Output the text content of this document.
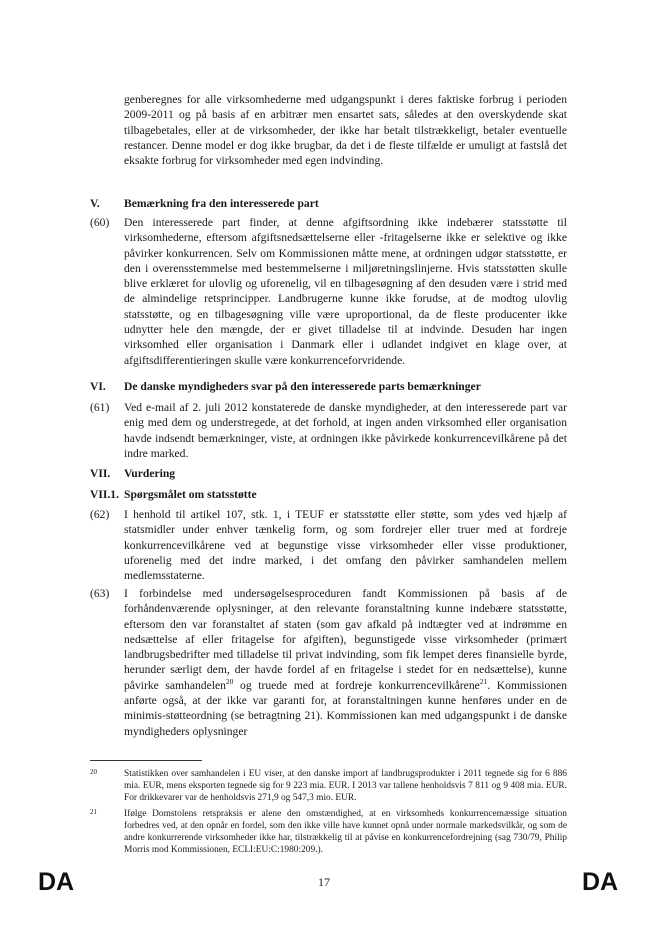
genberegnes for alle virksomhederne med udgangspunkt i deres faktiske forbrug i perioden 2009-2011 og på basis af en arbitrær men ensartet sats, således at den overskydende skat tilbagebetales, eller at de virksomheder, der ikke har betalt tilstrækkeligt, betaler eventuelle restancer. Denne model er dog ikke brugbar, da det i de fleste tilfælde er umuligt at fastslå det eksakte forbrug for virksomheder med egen indvinding.
V. Bemærkning fra den interesserede part
(60) Den interesserede part finder, at denne afgiftsordning ikke indebærer statsstøtte til virksomhederne, eftersom afgiftsnedsættelserne eller -fritagelserne ikke er selektive og ikke påvirker konkurrencen. Selv om Kommissionen måtte mene, at ordningen udgør statsstøtte, er den i overensstemmelse med bestemmelserne i miljøretningslinjerne. Hvis statsstøtten skulle blive erklæret for ulovlig og uforenelig, vil en tilbagesøgning af den desuden være i strid med de almindelige retsprincipper. Landbrugerne kunne ikke forudse, at de modtog ulovlig statsstøtte, og en tilbagesøgning ville være uproportional, da de fleste producenter ikke udnytter hele den mængde, der er givet tilladelse til at indvinde. Desuden har ingen virksomhed eller organisation i Danmark eller i udlandet indgivet en klage over, at afgiftsdifferentieringen skulle være konkurrenceforvridende.
VI. De danske myndigheders svar på den interesserede parts bemærkninger
(61) Ved e-mail af 2. juli 2012 konstaterede de danske myndigheder, at den interesserede part var enig med dem og understregede, at det forhold, at ingen anden virksomhed eller organisation havde indsendt bemærkninger, viste, at ordningen ikke påvirkede konkurrencevilkårene på det indre marked.
VII. Vurdering
VII.1. Spørgsmålet om statsstøtte
(62) I henhold til artikel 107, stk. 1, i TEUF er statsstøtte eller støtte, som ydes ved hjælp af statsmidler under enhver tænkelig form, og som fordrejer eller truer med at fordreje konkurrencevilkårene ved at begunstige visse virksomheder eller visse produktioner, uforenelig med det indre marked, i det omfang den påvirker samhandelen mellem medlemsstaterne.
(63) I forbindelse med undersøgelsesproceduren fandt Kommissionen på basis af de forhåndenværende oplysninger, at den relevante foranstaltning kunne indebære statsstøtte, eftersom den var foranstaltet af staten (som gav afkald på indtægter ved at indrømme en nedsættelse af eller fritagelse for afgiften), begunstigede visse virksomheder (primært landbrugsbedrifter med tilladelse til privat indvinding, som fik lempet deres finansielle byrde, herunder særligt dem, der havde fordel af en fritagelse i stedet for en nedsættelse), kunne påvirke samhandelen$^{20}$ og truede med at fordreje konkurrencevilkårene$^{21}$. Kommissionen anførte også, at der ikke var garanti for, at foranstaltningen kunne henføres under en de minimis-støtteordning (se betragtning 21). Kommissionen kan med udgangspunkt i de danske myndigheders oplysninger
20	Statistikken over samhandelen i EU viser, at den danske import af landbrugsprodukter i 2011 tegnede sig for 6 886 mia. EUR, mens eksporten tegnede sig for 9 223 mia. EUR. I 2013 var tallene henholdsvis 7 811 og 9 408 mia. EUR. For drikkevarer var de henholdsvis 271,9 og 547,3 mio. EUR.
21	Ifølge Domstolens retspraksis er alene den omstændighed, at en virksomheds konkurrencemæssige situation forbedres ved, at den opnår en fordel, som den ikke ville have kunnet opnå under normale markedsvilkår, og som de andre konkurrerende virksomheder ikke har, tilstrækkelig til at påvise en konkurrencefordrejning (sag 730/79, Philip Morris mod Kommissionen, ECLI:EU:C:1980:209.).
DA	17	DA
